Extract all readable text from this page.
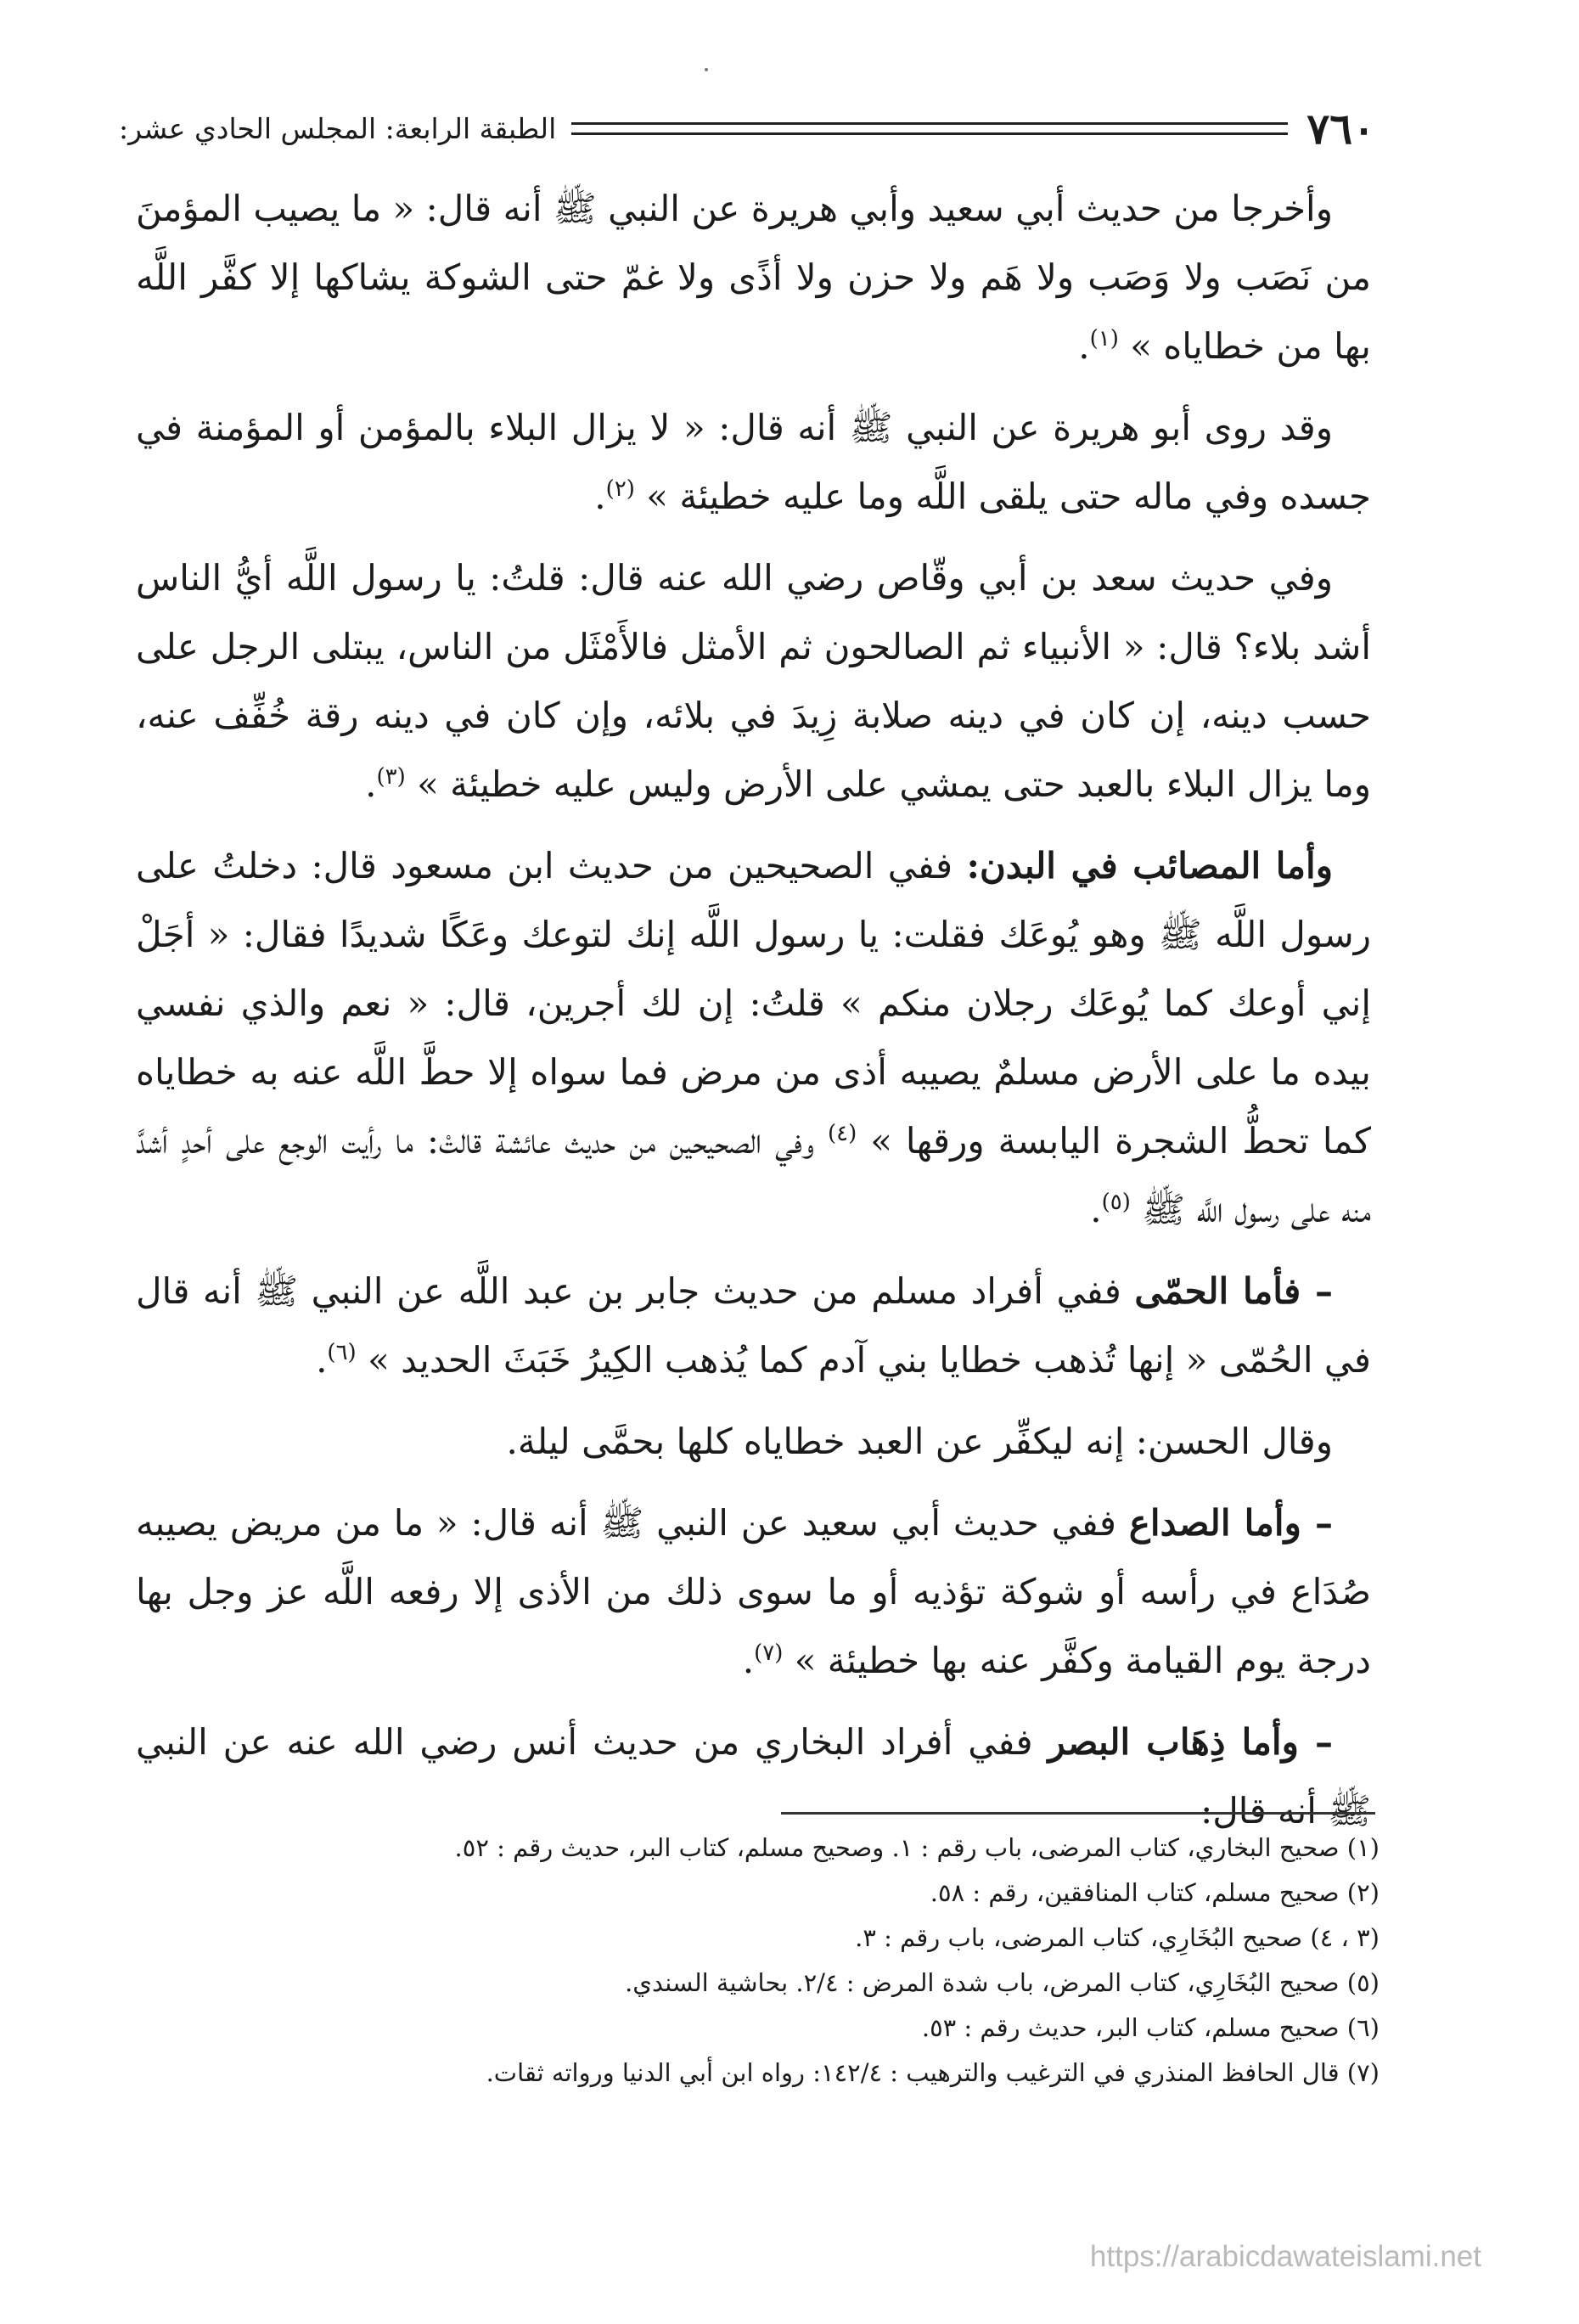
٧٦٠
الطبقة الرابعة: المجلس الحادي عشر:

وأخرجا من حديث أبي سعيد وأبي هريرة عن النبي ﷺ أنه قال: « ما يصيب المؤمنَ من نَصَب ولا وَصَب ولا هَم ولا حزن ولا أذًى ولا غمّ حتى الشوكة يشاكها إلا كفَّر اللَّه بها من خطاياه » $^{(١)}$.

وقد روى أبو هريرة عن النبي ﷺ أنه قال: « لا يزال البلاء بالمؤمن أو المؤمنة في جسده وفي ماله حتى يلقى اللَّه وما عليه خطيئة » $^{(٢)}$.

وفي حديث سعد بن أبي وقّاص رضي الله عنه قال: قلتُ: يا رسول اللَّه أيُّ الناس أشد بلاء؟ قال: « الأنبياء ثم الصالحون ثم الأمثل فالأَمْثَل من الناس، يبتلى الرجل على حسب دينه، إن كان في دينه صلابة زِيدَ في بلائه، وإن كان في دينه رقة خُفِّف عنه، وما يزال البلاء بالعبد حتى يمشي على الأرض وليس عليه خطيئة » $^{(٣)}$.

وأما المصائب في البدن: ففي الصحيحين من حديث ابن مسعود قال: دخلتُ على رسول اللَّه ﷺ وهو يُوعَك فقلت: يا رسول اللَّه إنك لتوعك وعَكًا شديدًا فقال: « أجَلْ إني أوعك كما يُوعَك رجلان منكم » قلتُ: إن لك أجرين، قال: « نعم والذي نفسي بيده ما على الأرض مسلمٌ يصيبه أذى من مرض فما سواه إلا حطَّ اللَّه عنه به خطاياه كما تحطُّ الشجرة اليابسة ورقها » $^{(٤)}$ وفي الصحيحين من حديث عائشة قالتْ: ما رأيت الوجع على أحدٍ أشدَّ منه على رسول اللَّه ﷺ $^{(٥)}$.

– فأما الحمّى ففي أفراد مسلم من حديث جابر بن عبد اللَّه عن النبي ﷺ أنه قال في الحُمّى « إنها تُذهب خطايا بني آدم كما يُذهب الكِيرُ خَبَثَ الحديد » $^{(٦)}$.

وقال الحسن: إنه ليكفِّر عن العبد خطاياه كلها بحمَّى ليلة.

– وأما الصداع ففي حديث أبي سعيد عن النبي ﷺ أنه قال: « ما من مريض يصيبه صُدَاع في رأسه أو شوكة تؤذيه أو ما سوى ذلك من الأذى إلا رفعه اللَّه عز وجل بها درجة يوم القيامة وكفَّر عنه بها خطيئة » $^{(٧)}$.

– وأما ذِهَاب البصر ففي أفراد البخاري من حديث أنس رضي الله عنه عن النبي ﷺ أنه قال:

(١) صحيح البخاري، كتاب المرضى، باب رقم : ١. وصحيح مسلم، كتاب البر، حديث رقم : ٥٢.
(٢) صحيح مسلم، كتاب المنافقين، رقم : ٥٨.
(٣ ، ٤) صحيح البُخَارِي، كتاب المرضى، باب رقم : ٣.
(٥) صحيح البُخَارِي، كتاب المرض، باب شدة المرض : ٢/٤. بحاشية السندي.
(٦) صحيح مسلم، كتاب البر، حديث رقم : ٥٣.
(٧) قال الحافظ المنذري في الترغيب والترهيب : ١٤٢/٤: رواه ابن أبي الدنيا ورواته ثقات.
https://arabicdawateislami.net
